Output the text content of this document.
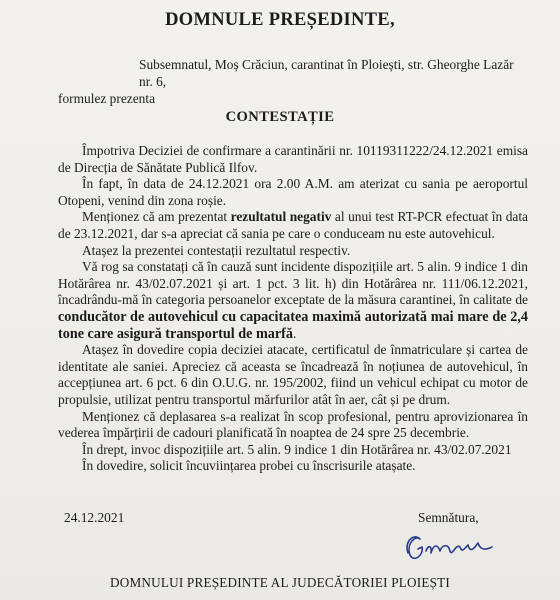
DOMNULE PREȘEDINTE,
Subsemnatul, Moș Crăciun, carantinat în Ploiești, str. Gheorghe Lazăr nr. 6,
formulez prezenta
CONTESTAȚIE

Împotriva Deciziei de confirmare a carantinării nr. 10119311222/24.12.2021 emisa de Direcția de Sănătate Publică Ilfov.

În fapt, în data de 24.12.2021 ora 2.00 A.M. am aterizat cu sania pe aeroportul Otopeni, venind din zona roșie.

Menționez că am prezentat rezultatul negativ al unui test RT-PCR efectuat în data de 23.12.2021, dar s-a apreciat că sania pe care o conduceam nu este autovehicul.

Atașez la prezentei contestații rezultatul respectiv.

Vă rog sa constatați că în cauză sunt incidente dispozițiile art. 5 alin. 9 indice 1 din Hotărârea nr. 43/02.07.2021 și art. 1 pct. 3 lit. h) din Hotărârea nr. 111/06.12.2021, încadrându-mă în categoria persoanelor exceptate de la măsura carantinei, în calitate de conducător de autovehicul cu capacitatea maximă autorizată mai mare de 2,4 tone care asigură transportul de marfă.

Atașez în dovedire copia deciziei atacate, certificatul de înmatriculare și cartea de identitate ale saniei. Apreciez că aceasta se încadrează în noțiunea de autovehicul, în accepțiunea art. 6 pct. 6 din O.U.G. nr. 195/2002, fiind un vehicul echipat cu motor de propulsie, utilizat pentru transportul mărfurilor atât în aer, cât și pe drum.

Menționez că deplasarea s-a realizat în scop profesional, pentru aprovizionarea în vederea împărțirii de cadouri planificată în noaptea de 24 spre 25 decembrie.

În drept, invoc dispozițiile art. 5 alin. 9 indice 1 din Hotărârea nr. 43/02.07.2021

În dovedire, solicit încuviințarea probei cu înscrisurile atașate.

24.12.2021	Semnătura,
DOMNULUI PREȘEDINTE AL JUDECĂTORIEI PLOIEȘTI
